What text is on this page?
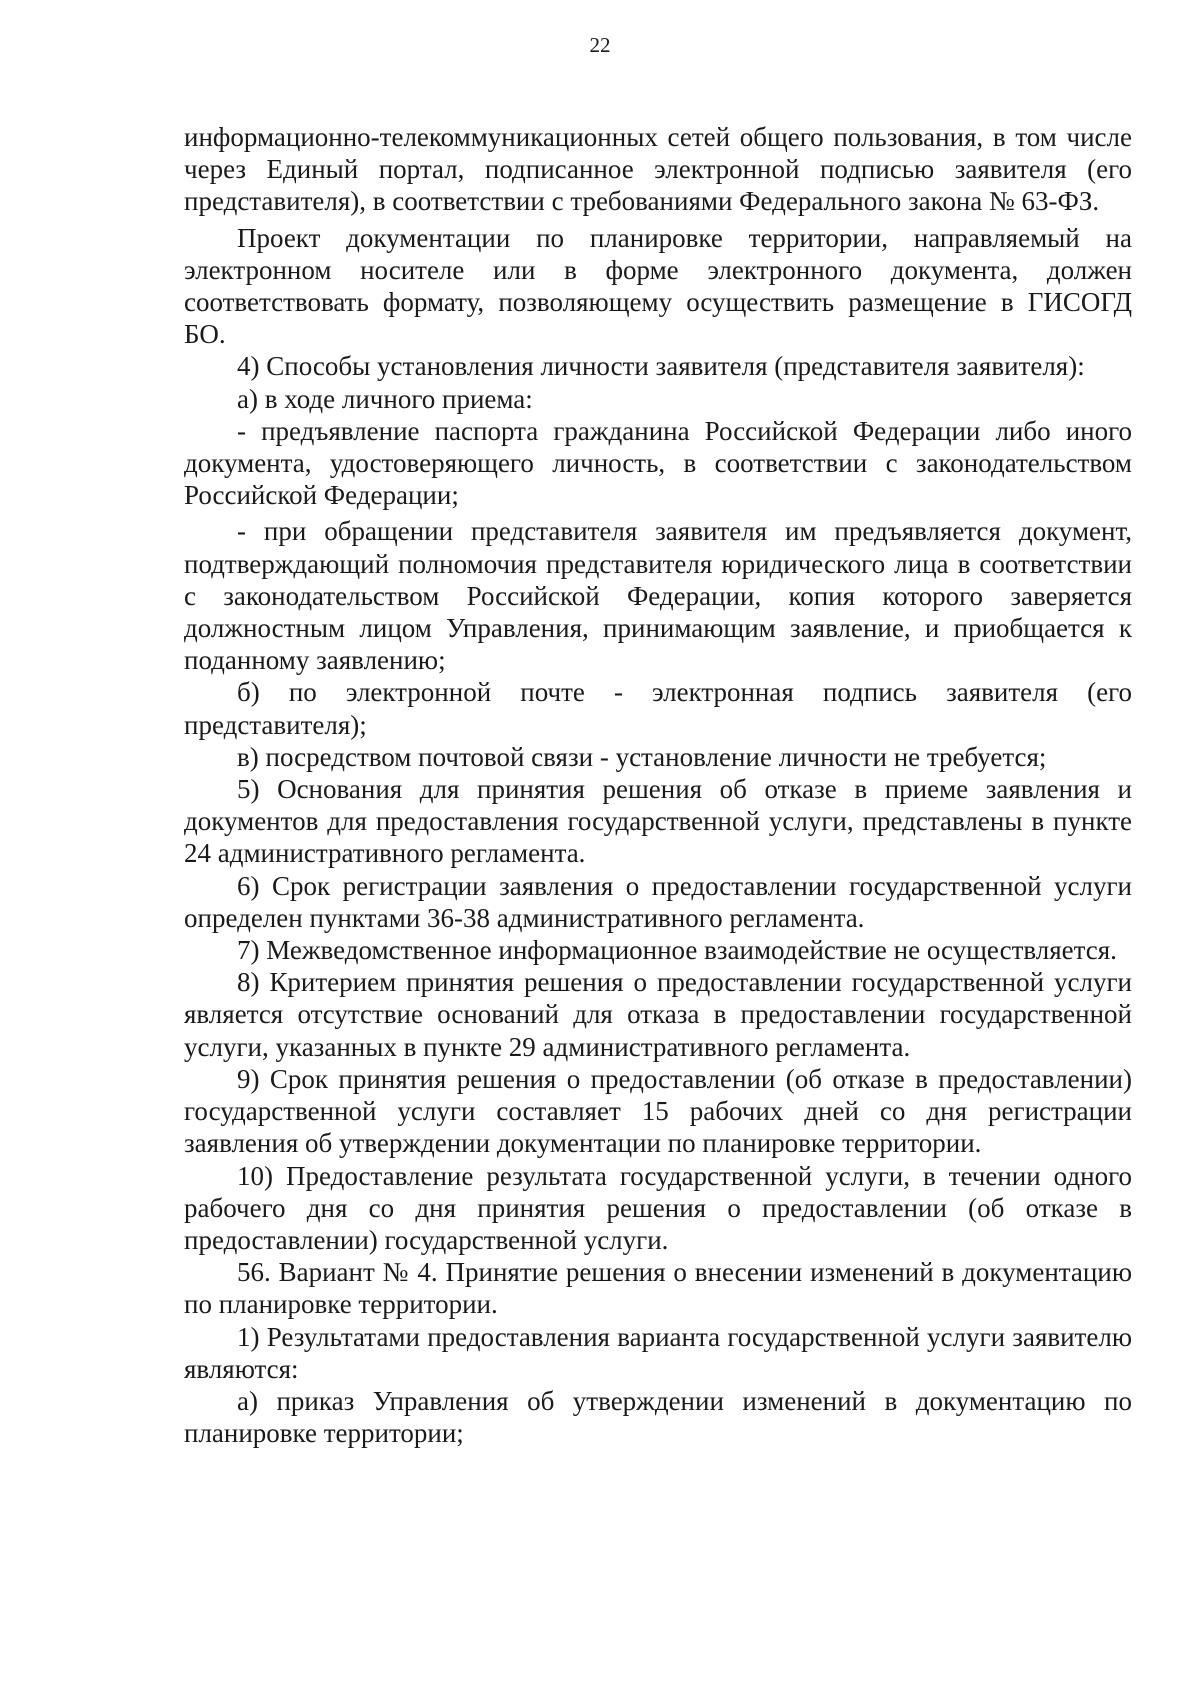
22

информационно-телекоммуникационных сетей общего пользования, в том числе через Единый портал, подписанное электронной подписью заявителя (его представителя), в соответствии с требованиями Федерального закона № 63-ФЗ.

Проект документации по планировке территории, направляемый на электронном носителе или в форме электронного документа, должен соответствовать формату, позволяющему осуществить размещение в ГИСОГД БО.

4) Способы установления личности заявителя (представителя заявителя):

а) в ходе личного приема:

- предъявление паспорта гражданина Российской Федерации либо иного документа, удостоверяющего личность, в соответствии с законодательством Российской Федерации;

- при обращении представителя заявителя им предъявляется документ, подтверждающий полномочия представителя юридического лица в соответствии с законодательством Российской Федерации, копия которого заверяется должностным лицом Управления, принимающим заявление, и приобщается к поданному заявлению;

б) по электронной почте - электронная подпись заявителя (его представителя);

в) посредством почтовой связи - установление личности не требуется;

5) Основания для принятия решения об отказе в приеме заявления и документов для предоставления государственной услуги, представлены в пункте 24 административного регламента.

6) Срок регистрации заявления о предоставлении государственной услуги определен пунктами 36-38 административного регламента.

7) Межведомственное информационное взаимодействие не осуществляется.

8) Критерием принятия решения о предоставлении государственной услуги является отсутствие оснований для отказа в предоставлении государственной услуги, указанных в пункте 29 административного регламента.

9) Срок принятия решения о предоставлении (об отказе в предоставлении) государственной услуги составляет 15 рабочих дней со дня регистрации заявления об утверждении документации по планировке территории.

10) Предоставление результата государственной услуги, в течении одного рабочего дня со дня принятия решения о предоставлении (об отказе в предоставлении) государственной услуги.

56. Вариант № 4. Принятие решения о внесении изменений в документацию по планировке территории.

1) Результатами предоставления варианта государственной услуги заявителю являются:

а) приказ Управления об утверждении изменений в документацию по планировке территории;
